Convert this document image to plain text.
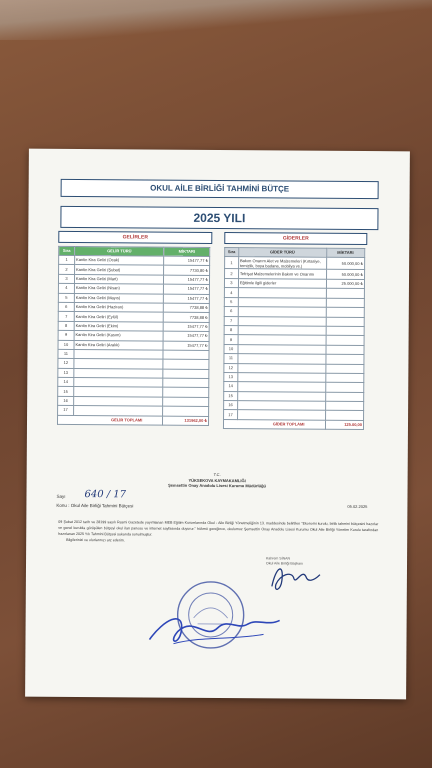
OKUL AİLE BİRLİĞİ TAHMİNİ BÜTÇE
2025 YILI
GELİRLER	GİDERLER
Sıra	GELİR TÜRÜ	MİKTARI
1	Kantin Kira Geliri (Ocak)	15477,77 ₺
2	Kantin Kira Geliri (Şubat)	7730,80 ₺
3	Kantin Kira Geliri (Mart)	15477,77 ₺
4	Kantin Kira Geliri (Nisan)	15477,77 ₺
5	Kantin Kira Geliri (Mayıs)	15477,77 ₺
6	Kantin Kira Geliri (Haziran)	7738,88 ₺
7	Kantin Kira Geliri (Eylül)	7738,88 ₺
8	Kantin Kira Geliri (Ekim)	15477,77 ₺
9	Kantin Kira Geliri (Kasım)	15477,77 ₺
10	Kantin Kira Geliri (Aralık)	15477,77 ₺
11		
12		
13		
14		
15		
16		
17		
GELİR TOPLAMI		131962,00 ₺
Sıra	GİDER TÜRÜ	MİKTARI
1	Bakım Onarım Alet ve Malzemeleri (Kırtasiye, temizlik, boya badana, mobilya vs.)	50.000,00 ₺
2	Tefrişat Malzemelerinin Bakım ve Onarımı	50.000,00 ₺
3	Eğitimle ilgili giderler	25.000,00 ₺
4		
5		
6		
7		
8		
9		
10		
11		
12		
13		
14		
15		
16		
17		
GİDER TOPLAMI		125.00,00
T.C.
YÜKSEKOVA KAYMAKAMLIĞI
Şemsettin Onay Anadolu Lisesi Kurumu Müdürlüğü
Sayı
Konu : Okul Aile Birliği Tahmini Bütçesi
640 / 17
05.02.2025
09 Şubat 2012 tarih ve 28199 sayılı Resmi Gazetede yayımlanan MEB Eğitim Kurumlarında Okul - Aile Birliği Yönetmeliğinin 13. maddesinde belirtilen "Ekonomi kurulu, birlik tahmini bütçesini hazırlar ve genel kurulda görüşülen bütçeyi okul ilan panosu ve internet sayfasında duyurur." hükmü gereğince, okulumuz Şemsettin Onay Anadolu Lisesi Kurumu Okul Aile Birliği Yönetim Kurulu tarafından hazırlanan 2025 Yılı Tahmini Bütçesi yukarıda sunulmuştur.
Bilgilerinizi ve olurlarınızı arz ederim.
Kahrem SİNAN
Okul Aile Birliği Başkanı
